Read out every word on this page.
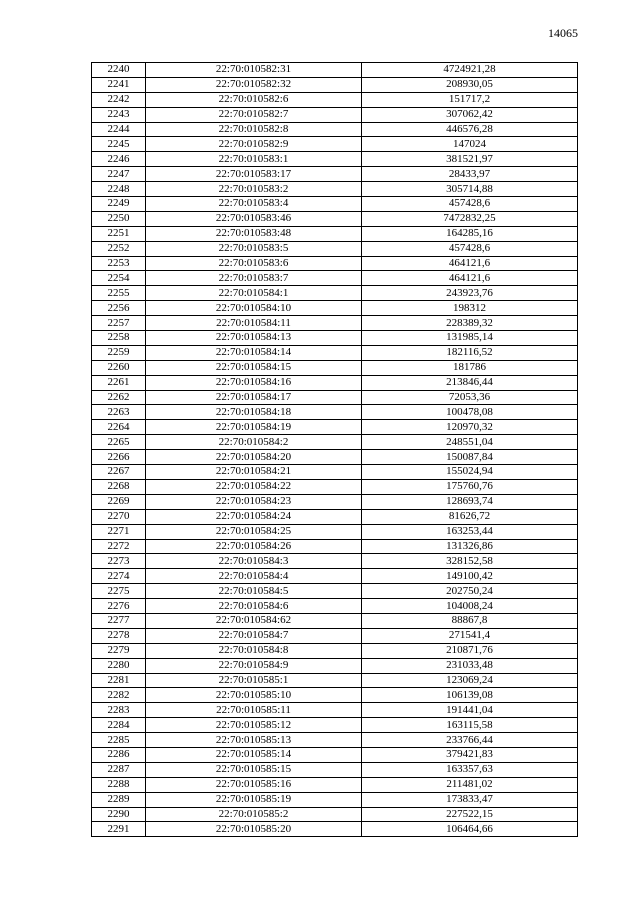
14065
2240	22:70:010582:31	4724921,28
2241	22:70:010582:32	208930,05
2242	22:70:010582:6	151717,2
2243	22:70:010582:7	307062,42
2244	22:70:010582:8	446576,28
2245	22:70:010582:9	147024
2246	22:70:010583:1	381521,97
2247	22:70:010583:17	28433,97
2248	22:70:010583:2	305714,88
2249	22:70:010583:4	457428,6
2250	22:70:010583:46	7472832,25
2251	22:70:010583:48	164285,16
2252	22:70:010583:5	457428,6
2253	22:70:010583:6	464121,6
2254	22:70:010583:7	464121,6
2255	22:70:010584:1	243923,76
2256	22:70:010584:10	198312
2257	22:70:010584:11	228389,32
2258	22:70:010584:13	131985,14
2259	22:70:010584:14	182116,52
2260	22:70:010584:15	181786
2261	22:70:010584:16	213846,44
2262	22:70:010584:17	72053,36
2263	22:70:010584:18	100478,08
2264	22:70:010584:19	120970,32
2265	22:70:010584:2	248551,04
2266	22:70:010584:20	150087,84
2267	22:70:010584:21	155024,94
2268	22:70:010584:22	175760,76
2269	22:70:010584:23	128693,74
2270	22:70:010584:24	81626,72
2271	22:70:010584:25	163253,44
2272	22:70:010584:26	131326,86
2273	22:70:010584:3	328152,58
2274	22:70:010584:4	149100,42
2275	22:70:010584:5	202750,24
2276	22:70:010584:6	104008,24
2277	22:70:010584:62	88867,8
2278	22:70:010584:7	271541,4
2279	22:70:010584:8	210871,76
2280	22:70:010584:9	231033,48
2281	22:70:010585:1	123069,24
2282	22:70:010585:10	106139,08
2283	22:70:010585:11	191441,04
2284	22:70:010585:12	163115,58
2285	22:70:010585:13	233766,44
2286	22:70:010585:14	379421,83
2287	22:70:010585:15	163357,63
2288	22:70:010585:16	211481,02
2289	22:70:010585:19	173833,47
2290	22:70:010585:2	227522,15
2291	22:70:010585:20	106464,66
